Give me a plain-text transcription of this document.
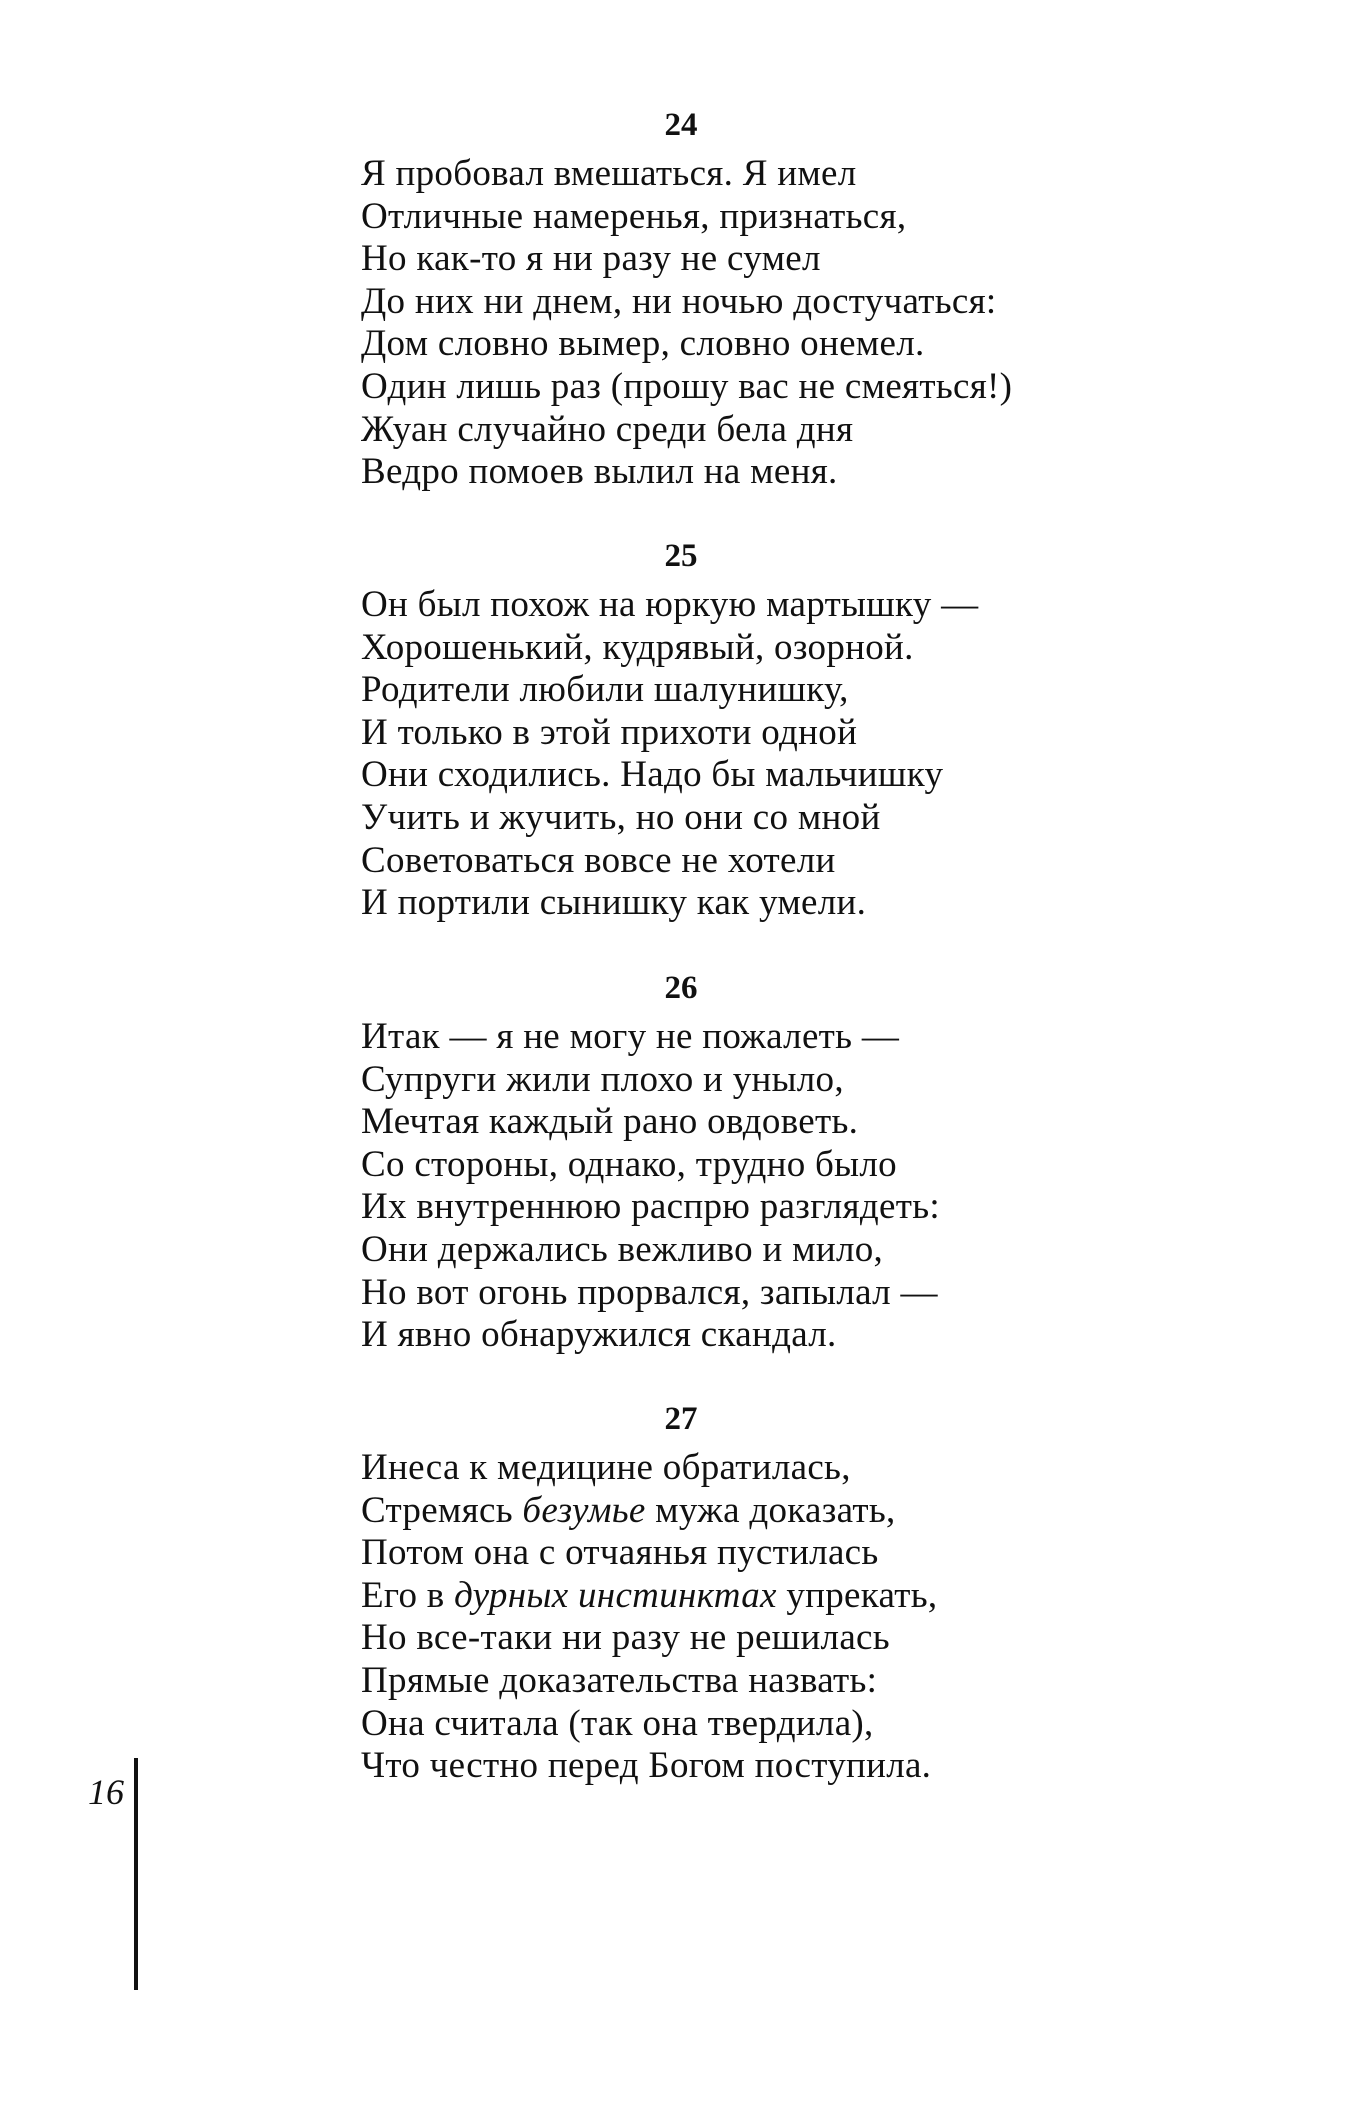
24
Я пробовал вмешаться. Я имел
Отличные намеренья, признаться,
Но как-то я ни разу не сумел
До них ни днем, ни ночью достучаться:
Дом словно вымер, словно онемел.
Один лишь раз (прошу вас не смеяться!)
Жуан случайно среди бела дня
Ведро помоев вылил на меня.
25
Он был похож на юркую мартышку —
Хорошенький, кудрявый, озорной.
Родители любили шалунишку,
И только в этой прихоти одной
Они сходились. Надо бы мальчишку
Учить и жучить, но они со мной
Советоваться вовсе не хотели
И портили сынишку как умели.
26
Итак — я не могу не пожалеть —
Супруги жили плохо и уныло,
Мечтая каждый рано овдоветь.
Со стороны, однако, трудно было
Их внутреннюю распрю разглядеть:
Они держались вежливо и мило,
Но вот огонь прорвался, запылал —
И явно обнаружился скандал.
27
Инеса к медицине обратилась,
Стремясь безумье мужа доказать,
Потом она с отчаянья пустилась
Его в дурных инстинктах упрекать,
Но все-таки ни разу не решилась
Прямые доказательства назвать:
Она считала (так она твердила),
Что честно перед Богом поступила.
16
